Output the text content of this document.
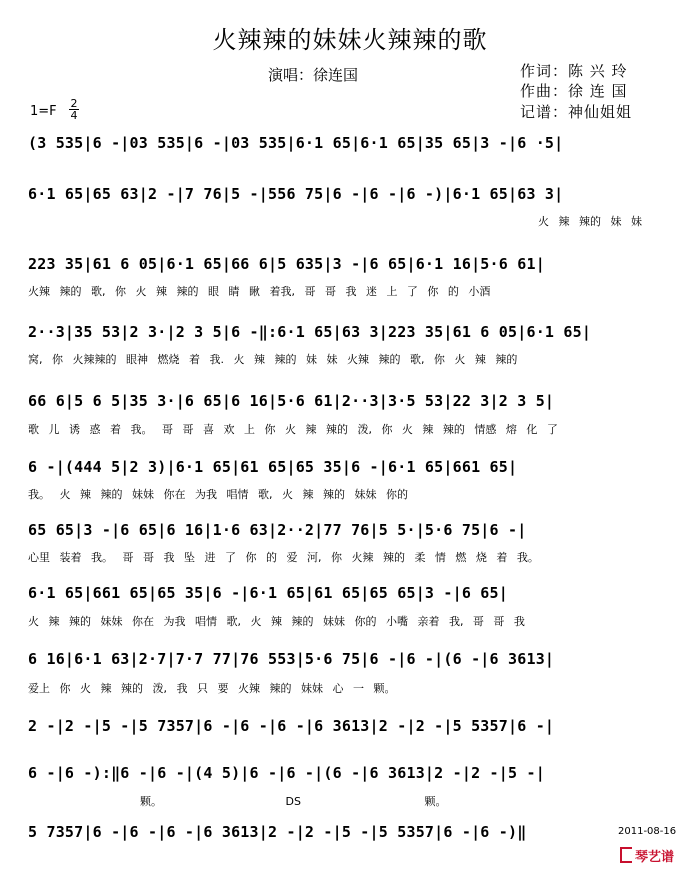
火辣辣的妹妹火辣辣的歌
演唱：徐连国	作词：陈 兴 玲
作曲：徐 连 国
记谱：神仙姐姐
$1=F \frac{2}{4}$
(3 535|6 -|03 535|6 -|03 535|6·1 65|6·1 65|35 65|3 -|6 ·5|
6·1 65|65 63|2 -|7 76|5 -|556 75|6 -|6 -|6 -)|6·1 65|63 3|
火 辣 辣的 妹 妹
223 35|61 6 05|6·1 65|66 6|5 635|3 -|6 65|6·1 16|5·6 61|
火辣 辣的 歌, 你 火 辣 辣的 眼 睛 瞅 着我, 哥 哥 我 迷 上 了 你 的 小酒
2··3|35 53|2 3·|2 3 5|6 -‖:6·1 65|63 3|223 35|61 6 05|6·1 65|
窝, 你 火辣辣的 眼神 燃烧 着 我. 火 辣 辣的 妹 妹 火辣 辣的 歌, 你 火 辣 辣的
66 6|5 6 5|35 3·|6 65|6 16|5·6 61|2··3|3·5 53|22 3|2 3 5|
歌 儿 诱 惑 着 我。 哥 哥 喜 欢 上 你 火 辣 辣的 泼, 你 火 辣 辣的 情感 熔 化 了
6 -|(444 5|2 3)|6·1 65|61 65|65 35|6 -|6·1 65|661 65|
我。 火 辣 辣的 妹妹 你在 为我 唱情 歌, 火 辣 辣的 妹妹 你的
65 65|3 -|6 65|6 16|1·6 63|2··2|77 76|5 5·|5·6 75|6 -|
心里 装着 我。 哥 哥 我 坠 进 了 你 的 爱 河, 你 火辣 辣的 柔 情 燃 烧 着 我。
6·1 65|661 65|65 35|6 -|6·1 65|61 65|65 65|3 -|6 65|
火 辣 辣的 妹妹 你在 为我 唱情 歌, 火 辣 辣的 妹妹 你的 小嘴 亲着 我, 哥 哥 我
6 16|6·1 63|2·7|7·7 77|76 553|5·6 75|6 -|6 -|(6 -|6 3613|
爱上 你 火 辣 辣的 泼, 我 只 要 火辣 辣的 妹妹 心 一 颗。
2 -|2 -|5 -|5 7357|6 -|6 -|6 -|6 3613|2 -|2 -|5 5357|6 -|
6 -|6 -):‖6 -|6 -|(4 5)|6 -|6 -|(6 -|6 3613|2 -|2 -|5 -|
颗。 DS 颗。
5 7357|6 -|6 -|6 -|6 3613|2 -|2 -|5 -|5 5357|6 -|6 -)‖	2011-08-16
琴艺谱
